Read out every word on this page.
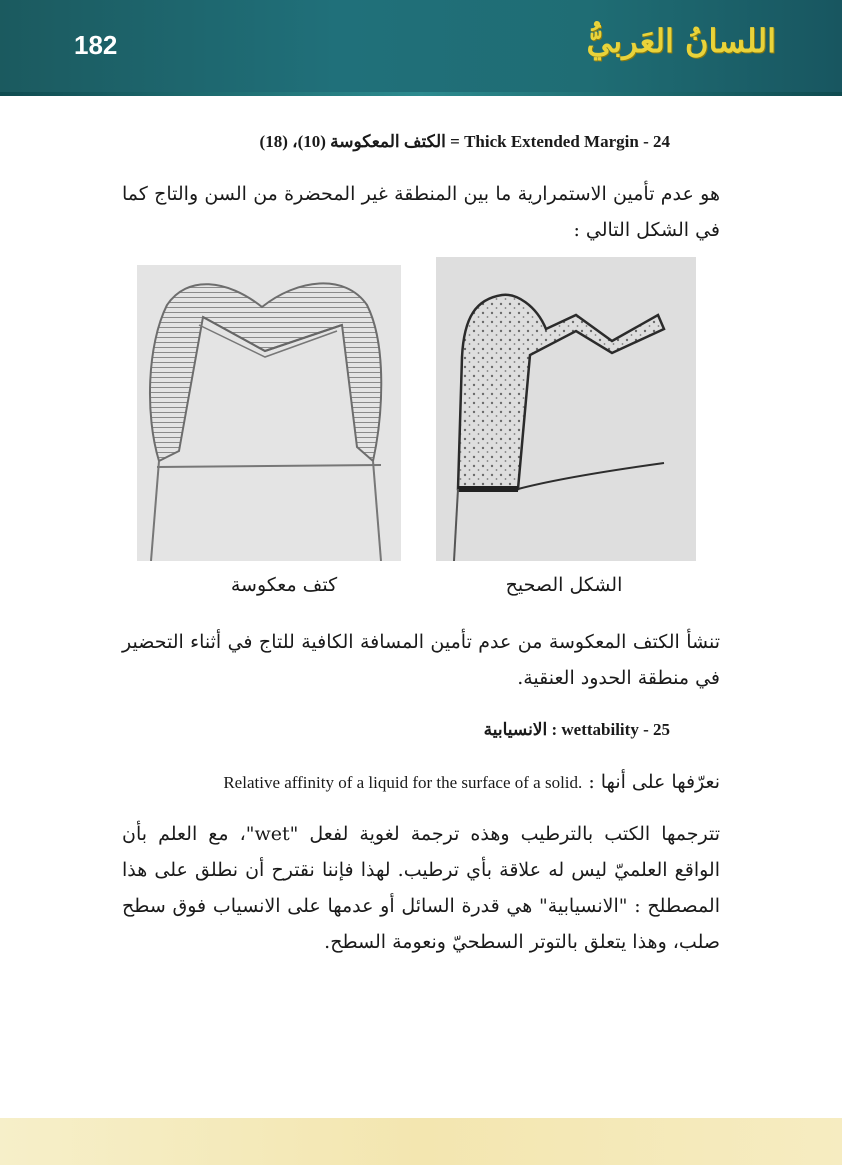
182	اللسانُ العَربيُّ
24 - Thick Extended Margin = الكتف المعكوسة (10)، (18)
هو عدم تأمين الاستمرارية ما بين المنطقة غير المحضرة من السن والتاج كما في الشكل التالي :
الشكل الصحيح
كتف معكوسة
تنشأ الكتف المعكوسة من عدم تأمين المسافة الكافية للتاج في أثناء التحضير في منطقة الحدود العنقية.
25 - wettability : الانسيابية
نعرّفها على أنها : Relative affinity of a liquid for the surface of a solid.
تترجمها الكتب بالترطيب وهذه ترجمة لغوية لفعل "wet"، مع العلم بأن الواقع العلميّ ليس له علاقة بأي ترطيب. لهذا فإننا نقترح أن نطلق على هذا المصطلح : "الانسيابية" هي قدرة السائل أو عدمها على الانسياب فوق سطح صلب، وهذا يتعلق بالتوتر السطحيّ ونعومة السطح.
